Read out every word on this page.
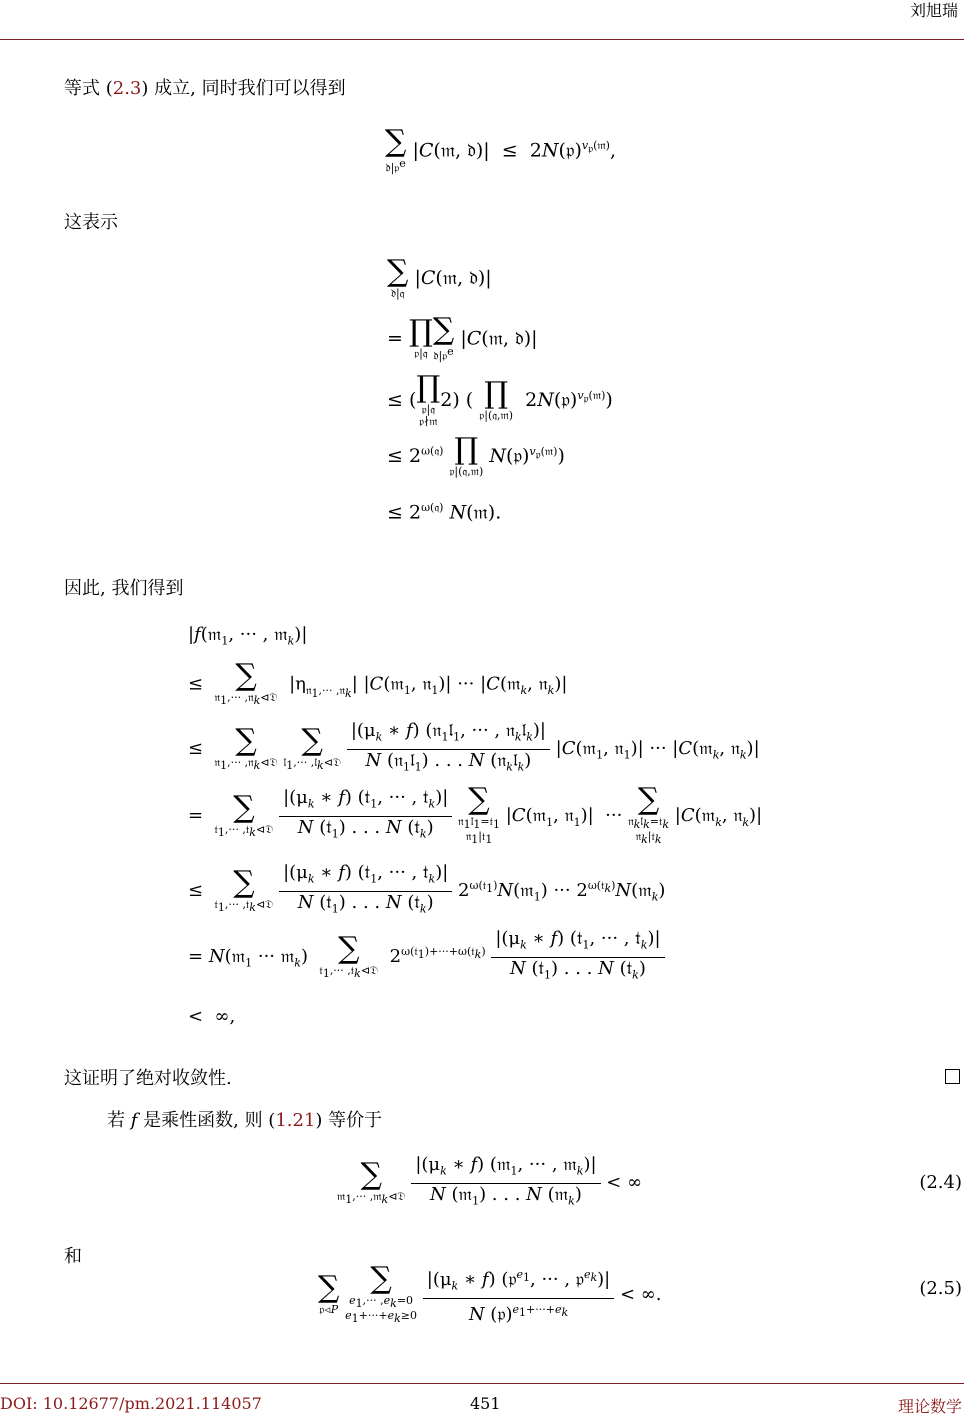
刘旭瑞
等式 (2.3) 成立, 同时我们可以得到
∑
𝔡|𝔭$^e$
|C(𝔪, 𝔡)|  ≤  2N(𝔭)$^{v_𝔭(𝔪)}$,
这表示
∑
𝔡|𝔮
|C(𝔪, 𝔡)|
= ∏
𝔭|𝔮
∑
𝔡|𝔭$^e$
|C(𝔪, 𝔡)|
≤ ( ∏
𝔭|𝔮
𝔭∤𝔪
2) ( ∏
𝔭|(𝔮,𝔪)
2N(𝔭)$^{v_𝔭(𝔪)}$)
≤ $2^{\omega(𝔮)}$ ∏
𝔭|(𝔮,𝔪)
N(𝔭)$^{v_𝔭(𝔪)}$)
≤ $2^{\omega(𝔮)}$ N(𝔪).
因此, 我们得到
|f(𝔪$_1$, ··· , 𝔪$_k$)|
≤ ∑
𝔫$_1$,··· ,𝔫$_k$⊲𝔇
$|\eta_{𝔫_1,\cdot\cdot\cdot ,𝔫_k}|$ |C(𝔪$_1$, 𝔫$_1$)| ··· |C(𝔪$_k$, 𝔫$_k$)|
≤ ∑
𝔫$_1$,··· ,𝔫$_k$⊲𝔇

∑
𝔩$_1$,··· ,𝔩$_k$⊲𝔇
$\frac{|(\mu_k ∗ f) (𝔫_1𝔩_1, \cdot\cdot\cdot , 𝔫_k𝔩_k)|}{N (𝔫_1𝔩_1) . . . N (𝔫_k𝔩_k)}$ |C(𝔪$_1$, 𝔫$_1$)| ··· |C(𝔪$_k$, 𝔫$_k$)|
= ∑
𝔱$_1$,··· ,𝔱$_k$⊲𝔇
$\frac{|(\mu_k ∗ f) (𝔱_1, \cdot\cdot\cdot , 𝔱_k)|}{N (𝔱_1) . . . N (𝔱_k)}$
∑
𝔫$_1$𝔩$_1$=𝔱$_1$
𝔫$_1$|𝔱$_1$
|C(𝔪$_1$, 𝔫$_1$)|  ··· ∑
𝔫$_k$𝔩$_k$=𝔱$_k$
𝔫$_k$|𝔱$_k$
|C(𝔪$_k$, 𝔫$_k$)|
≤ ∑
𝔱$_1$,··· ,𝔱$_k$⊲𝔇
$\frac{|(\mu_k ∗ f) (𝔱_1, \cdot\cdot\cdot , 𝔱_k)|}{N (𝔱_1) . . . N (𝔱_k)}$ $2^{\omega(𝔱_1)}N(𝔪_1)$ ··· $2^{\omega(𝔱_k)}N(𝔪_k)$
= N(𝔪$_1$ ··· 𝔪$_k$) ∑
𝔱$_1$,··· ,𝔱$_k$⊲𝔇
$2^{\omega(𝔱_1)+\cdot\cdot\cdot+\omega(𝔱_k)} \frac{|(\mu_k ∗ f) (𝔱_1, \cdot\cdot\cdot , 𝔱_k)|}{N (𝔱_1) . . . N (𝔱_k)}$
<  ∞,
这证明了绝对收敛性.
若 f 是乘性函数, 则 (1.21) 等价于
∑
𝔪$_1$,··· ,𝔪$_k$⊲𝔇
$\frac{|(\mu_k ∗ f) (𝔪_1, \cdot\cdot\cdot , 𝔪_k)|}{N (𝔪_1) . . . N (𝔪_k)}$ < ∞	(2.4)
和
∑
𝔭⊲P

∑
$e_1,\cdot\cdot\cdot ,e_k=0$
$e_1+\cdot\cdot\cdot+e_k\ge 0$
$\frac{|(\mu_k ∗ f) (𝔭^{e_1}, \cdot\cdot\cdot , 𝔭^{e_k})|}{N (𝔭)^{e_1+\cdot\cdot\cdot+e_k}}$ < ∞.	(2.5)
DOI: 10.12677/pm.2021.114057	451	理论数学
